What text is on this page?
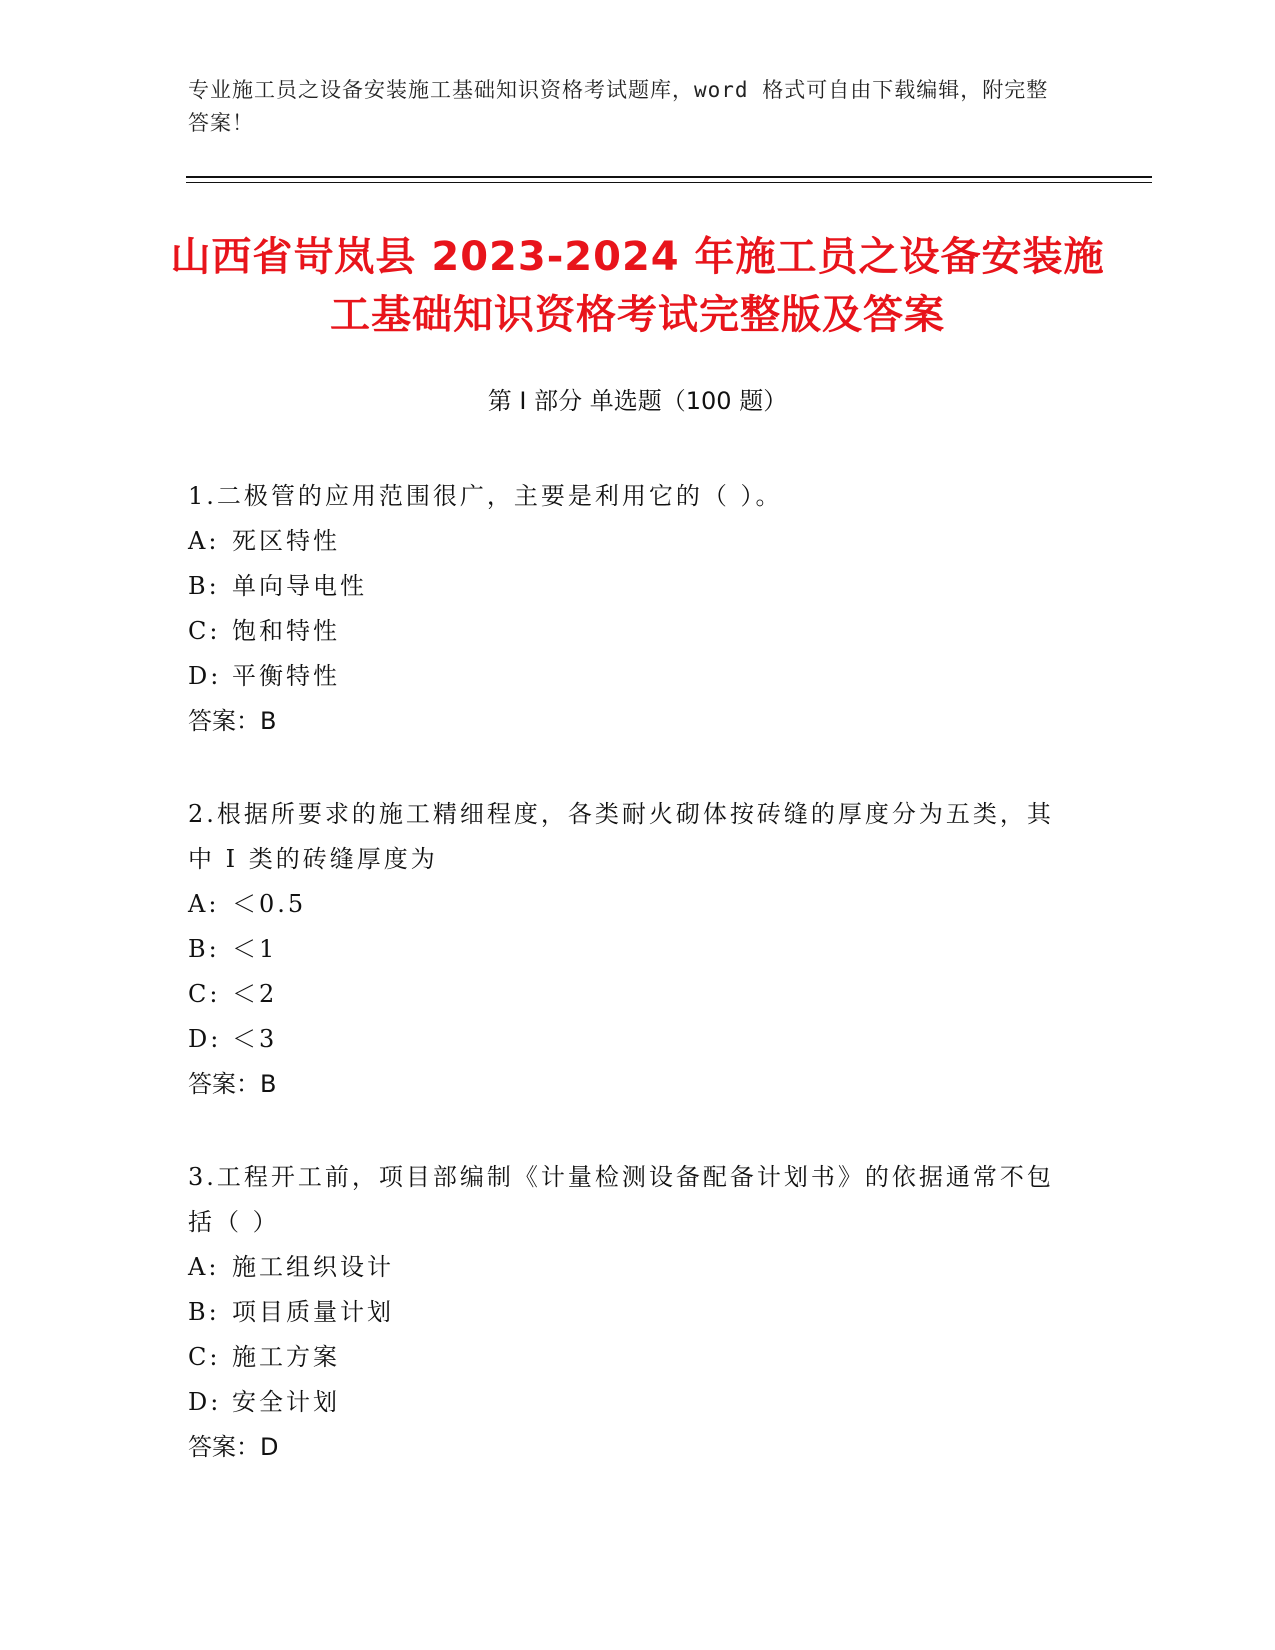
专业施工员之设备安装施工基础知识资格考试题库，word 格式可自由下载编辑，附完整答案！
山西省岢岚县 2023-2024 年施工员之设备安装施工基础知识资格考试完整版及答案
第 I 部分 单选题（100 题）
1.二极管的应用范围很广，主要是利用它的（ ）。
A: 死区特性
B: 单向导电性
C: 饱和特性
D: 平衡特性
答案：B
2.根据所要求的施工精细程度，各类耐火砌体按砖缝的厚度分为五类，其中 I 类的砖缝厚度为
A: ＜0.5
B: ＜1
C: ＜2
D: ＜3
答案：B
3.工程开工前，项目部编制《计量检测设备配备计划书》的依据通常不包括（ ）
A: 施工组织设计
B: 项目质量计划
C: 施工方案
D: 安全计划
答案：D
